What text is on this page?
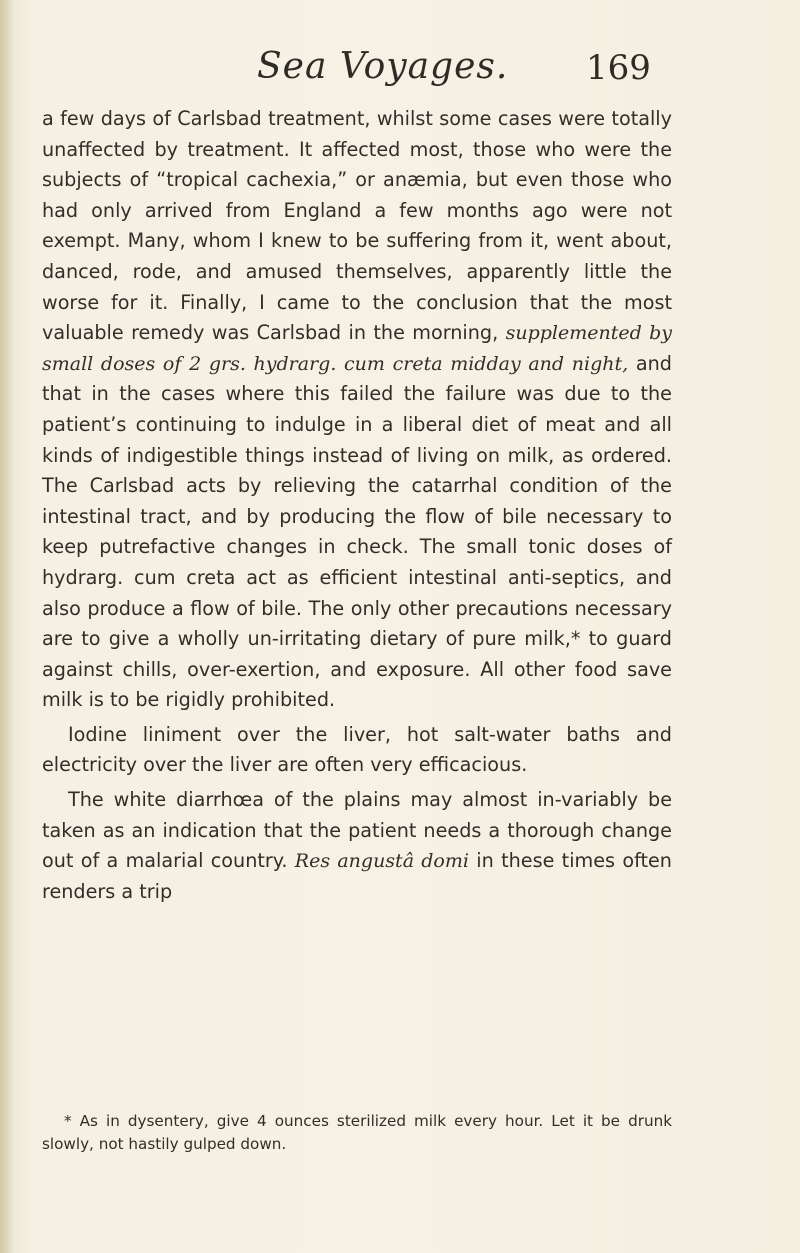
Sea Voyages. 169

a few days of Carlsbad treatment, whilst some cases were totally unaffected by treatment. It affected most, those who were the subjects of “tropical cachexia,” or anæmia, but even those who had only arrived from England a few months ago were not exempt. Many, whom I knew to be suffering from it, went about, danced, rode, and amused themselves, apparently little the worse for it. Finally, I came to the conclusion that the most valuable remedy was Carlsbad in the morning, supplemented by small doses of 2 grs. hydrarg. cum creta midday and night, and that in the cases where this failed the failure was due to the patient’s continuing to indulge in a liberal diet of meat and all kinds of indigestible things instead of living on milk, as ordered. The Carlsbad acts by relieving the catarrhal condition of the intestinal tract, and by producing the flow of bile necessary to keep putrefactive changes in check. The small tonic doses of hydrarg. cum creta act as efficient intestinal anti-septics, and also produce a flow of bile. The only other precautions necessary are to give a wholly un-irritating dietary of pure milk,* to guard against chills, over-exertion, and exposure. All other food save milk is to be rigidly prohibited.

Iodine liniment over the liver, hot salt-water baths and electricity over the liver are often very efficacious.

The white diarrhœa of the plains may almost in-variably be taken as an indication that the patient needs a thorough change out of a malarial country. Res angustâ domi in these times often renders a trip

* As in dysentery, give 4 ounces sterilized milk every hour. Let it be drunk slowly, not hastily gulped down.
